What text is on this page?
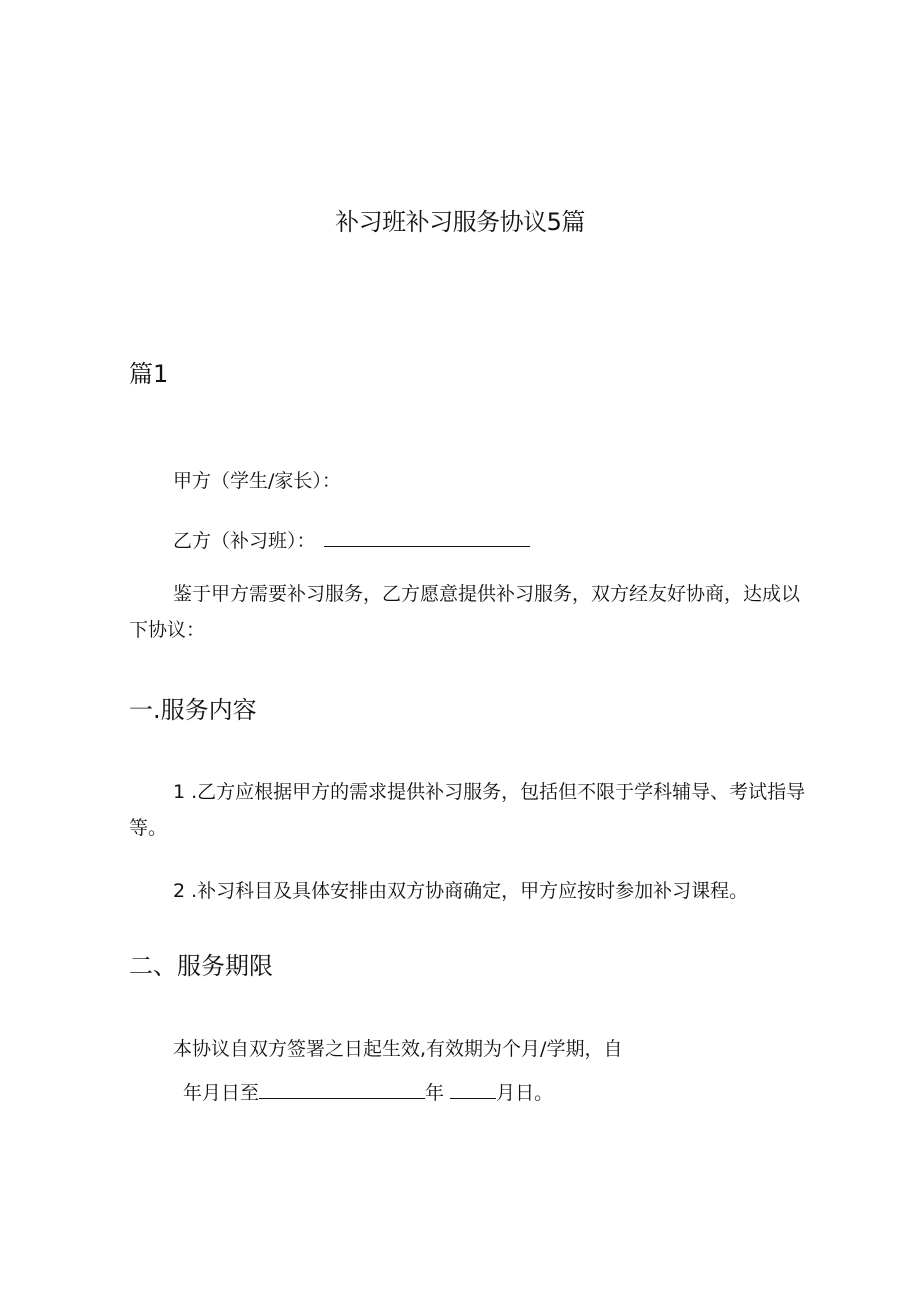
补习班补习服务协议5篇
篇1
甲方（学生/家长）：
乙方（补习班）：
鉴于甲方需要补习服务，乙方愿意提供补习服务，双方经友好协商，达成以下协议：
一.服务内容
1 .乙方应根据甲方的需求提供补习服务，包括但不限于学科辅导、考试指导等。
2 .补习科目及具体安排由双方协商确定，甲方应按时参加补习课程。
二、服务期限
本协议自双方签署之日起生效,有效期为个月/学期，自
年月日至	年	月日。
